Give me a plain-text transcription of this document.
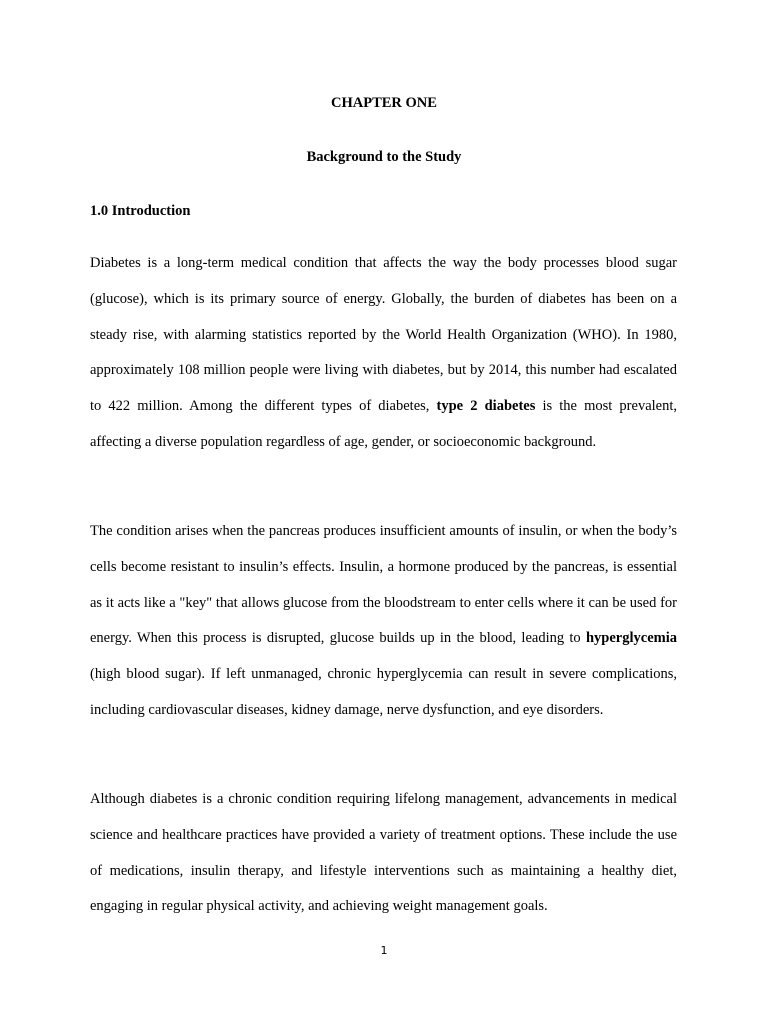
CHAPTER ONE
Background to the Study
1.0 Introduction

Diabetes is a long-term medical condition that affects the way the body processes blood sugar (glucose), which is its primary source of energy. Globally, the burden of diabetes has been on a steady rise, with alarming statistics reported by the World Health Organization (WHO). In 1980, approximately 108 million people were living with diabetes, but by 2014, this number had escalated to 422 million. Among the different types of diabetes, type 2 diabetes is the most prevalent, affecting a diverse population regardless of age, gender, or socioeconomic background.

The condition arises when the pancreas produces insufficient amounts of insulin, or when the body’s cells become resistant to insulin’s effects. Insulin, a hormone produced by the pancreas, is essential as it acts like a "key" that allows glucose from the bloodstream to enter cells where it can be used for energy. When this process is disrupted, glucose builds up in the blood, leading to hyperglycemia (high blood sugar). If left unmanaged, chronic hyperglycemia can result in severe complications, including cardiovascular diseases, kidney damage, nerve dysfunction, and eye disorders.

Although diabetes is a chronic condition requiring lifelong management, advancements in medical science and healthcare practices have provided a variety of treatment options. These include the use of medications, insulin therapy, and lifestyle interventions such as maintaining a healthy diet, engaging in regular physical activity, and achieving weight management goals.

1
